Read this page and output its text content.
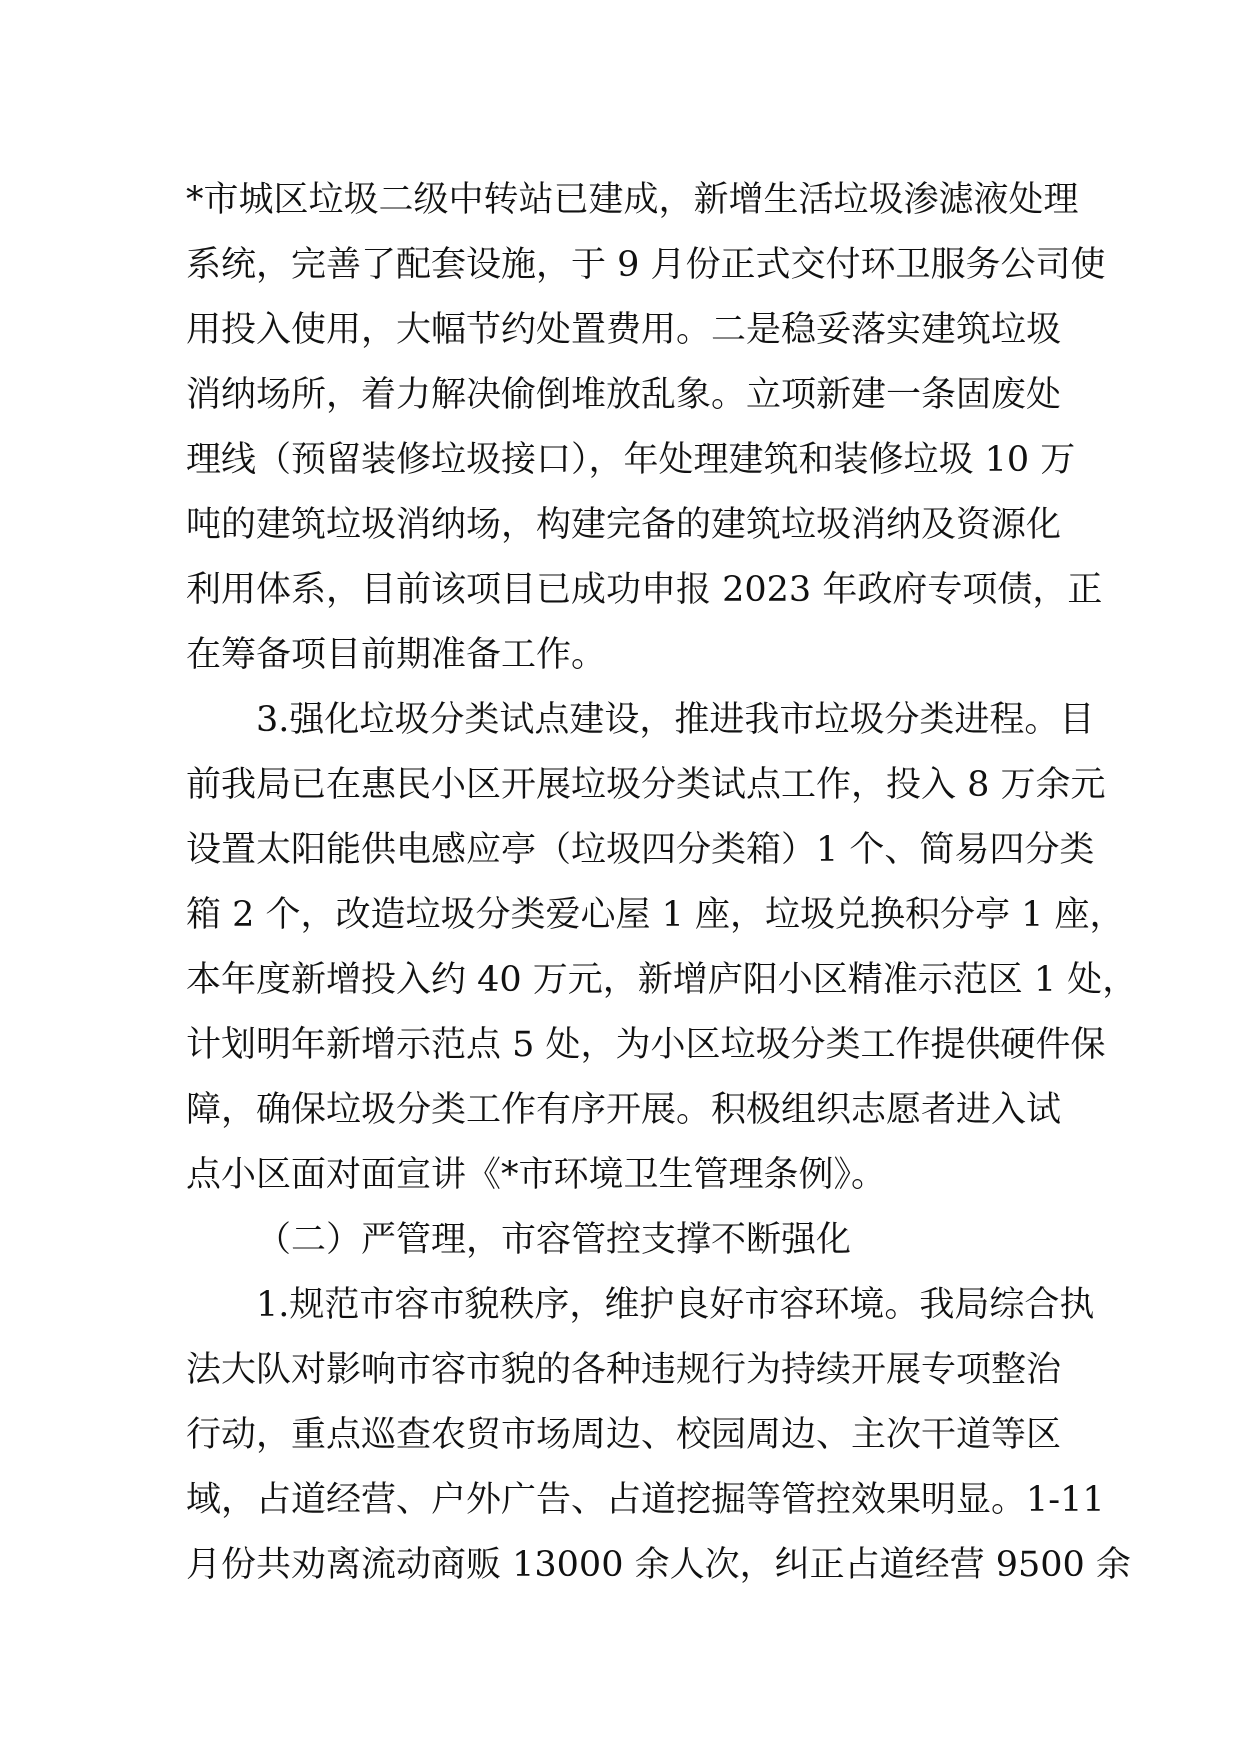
*市城区垃圾二级中转站已建成，新增生活垃圾渗滤液处理
系统，完善了配套设施，于 9 月份正式交付环卫服务公司使
用投入使用，大幅节约处置费用。二是稳妥落实建筑垃圾
消纳场所，着力解决偷倒堆放乱象。立项新建一条固废处
理线（预留装修垃圾接口），年处理建筑和装修垃圾 10 万
吨的建筑垃圾消纳场，构建完备的建筑垃圾消纳及资源化
利用体系，目前该项目已成功申报 2023 年政府专项债，正
在筹备项目前期准备工作。
3.强化垃圾分类试点建设，推进我市垃圾分类进程。目
前我局已在惠民小区开展垃圾分类试点工作，投入 8 万余元
设置太阳能供电感应亭（垃圾四分类箱）1 个、简易四分类
箱 2 个，改造垃圾分类爱心屋 1 座，垃圾兑换积分亭 1 座，
本年度新增投入约 40 万元，新增庐阳小区精准示范区 1 处，
计划明年新增示范点 5 处，为小区垃圾分类工作提供硬件保
障，确保垃圾分类工作有序开展。积极组织志愿者进入试
点小区面对面宣讲《*市环境卫生管理条例》。
（二）严管理，市容管控支撑不断强化
1.规范市容市貌秩序，维护良好市容环境。我局综合执
法大队对影响市容市貌的各种违规行为持续开展专项整治
行动，重点巡查农贸市场周边、校园周边、主次干道等区
域，占道经营、户外广告、占道挖掘等管控效果明显。1-11
月份共劝离流动商贩 13000 余人次，纠正占道经营 9500 余
